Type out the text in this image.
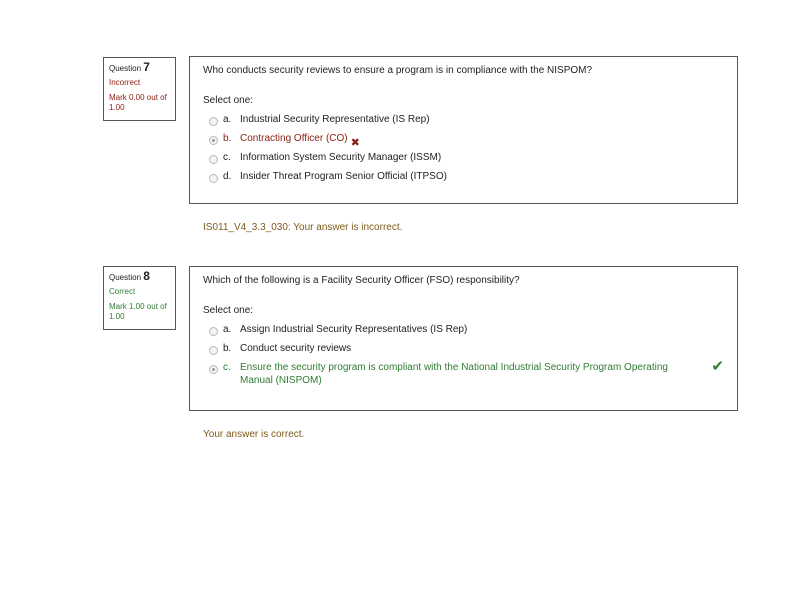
Question 7
Incorrect
Mark 0.00 out of 1.00
Who conducts security reviews to ensure a program is in compliance with the NISPOM?
Select one:
a. Industrial Security Representative (IS Rep)
b. Contracting Officer (CO) ✖
c. Information System Security Manager (ISSM)
d. Insider Threat Program Senior Official (ITPSO)
IS011_V4_3.3_030: Your answer is incorrect.
Question 8
Correct
Mark 1.00 out of 1.00
Which of the following is a Facility Security Officer (FSO) responsibility?
Select one:
a. Assign Industrial Security Representatives (IS Rep)
b. Conduct security reviews
c. Ensure the security program is compliant with the National Industrial Security Program Operating Manual (NISPOM)
✔
Your answer is correct.
